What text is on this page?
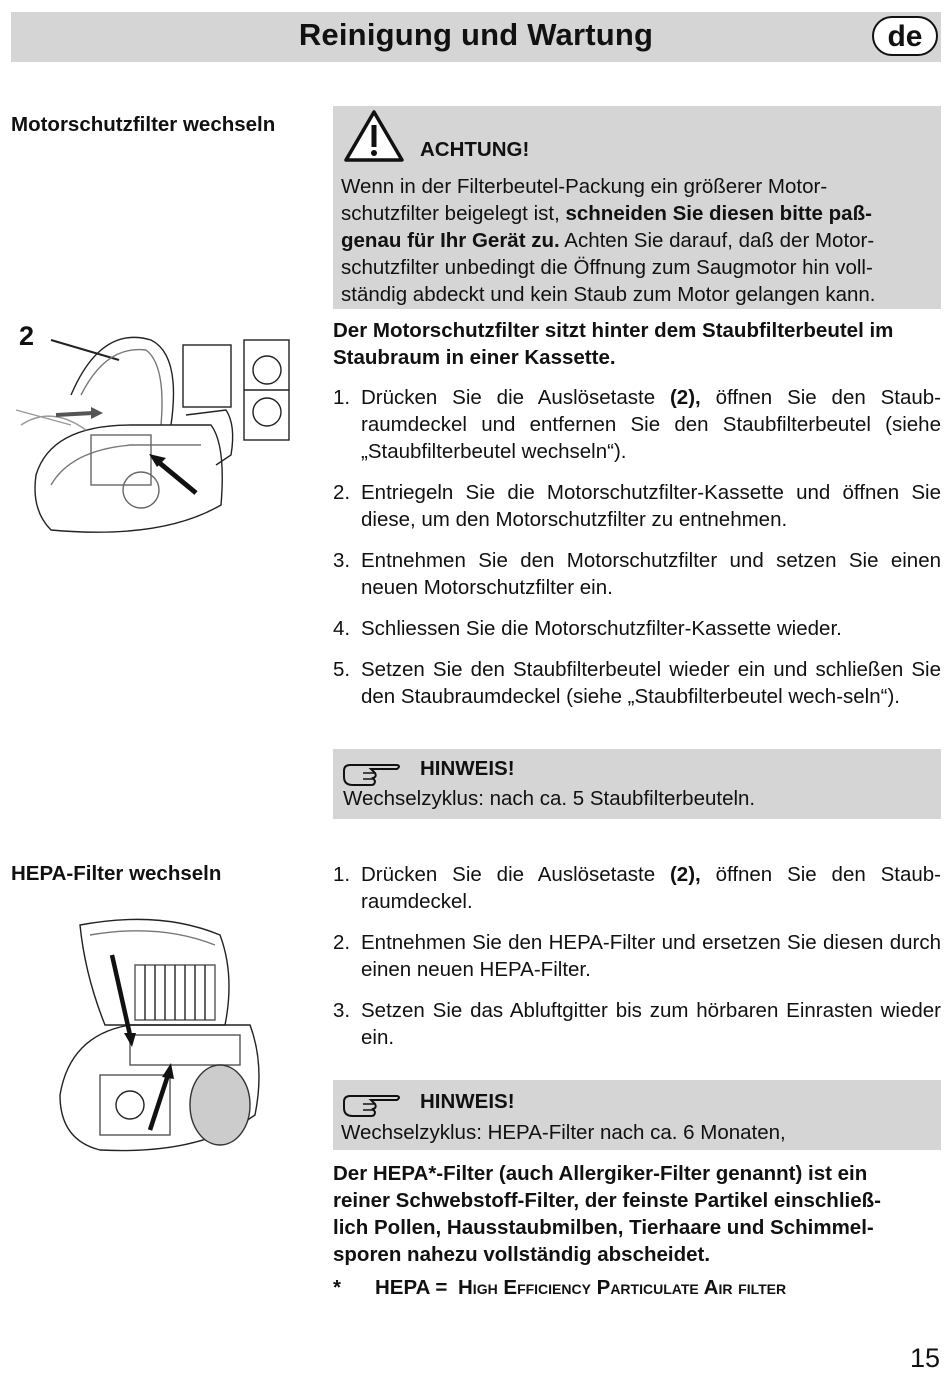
Reinigung und Wartung	de
Motorschutzfilter wechseln
2
ACHTUNG!
Wenn in der Filterbeutel-Packung ein größerer Motor-
schutzfilter beigelegt ist, schneiden Sie diesen bitte paß-
genau für Ihr Gerät zu. Achten Sie darauf, daß der Motor-
schutzfilter unbedingt die Öffnung zum Saugmotor hin voll-
ständig abdeckt und kein Staub zum Motor gelangen kann.
Der Motorschutzfilter sitzt hinter dem Staubfilterbeutel im
Staubraum in einer Kassette.
1. Drücken Sie die Auslösetaste (2), öffnen Sie den Staub-raumdeckel und entfernen Sie den Staubfilterbeutel (siehe „Staubfilterbeutel wechseln“).
2. Entriegeln Sie die Motorschutzfilter-Kassette und öffnen Sie diese, um den Motorschutzfilter zu entnehmen.
3. Entnehmen Sie den Motorschutzfilter und setzen Sie einen neuen Motorschutzfilter ein.
4. Schliessen Sie die Motorschutzfilter-Kassette wieder.
5. Setzen Sie den Staubfilterbeutel wieder ein und schließen Sie den Staubraumdeckel (siehe „Staubfilterbeutel wech-seln“).
HINWEIS!
Wechselzyklus: nach ca. 5 Staubfilterbeuteln.
HEPA-Filter wechseln	1. Drücken Sie die Auslösetaste (2), öffnen Sie den Staub-raumdeckel.
2. Entnehmen Sie den HEPA-Filter und ersetzen Sie diesen durch einen neuen HEPA-Filter.
3. Setzen Sie das Abluftgitter bis zum hörbaren Einrasten wieder ein.
HINWEIS!
Wechselzyklus: HEPA-Filter nach ca. 6 Monaten,
Der HEPA*-Filter (auch Allergiker-Filter genannt) ist ein
reiner Schwebstoff-Filter, der feinste Partikel einschließ-
lich Pollen, Hausstaubmilben, Tierhaare und Schimmel-
sporen nahezu vollständig abscheidet.
* HEPA = High Efficiency Particulate Air filter
15
